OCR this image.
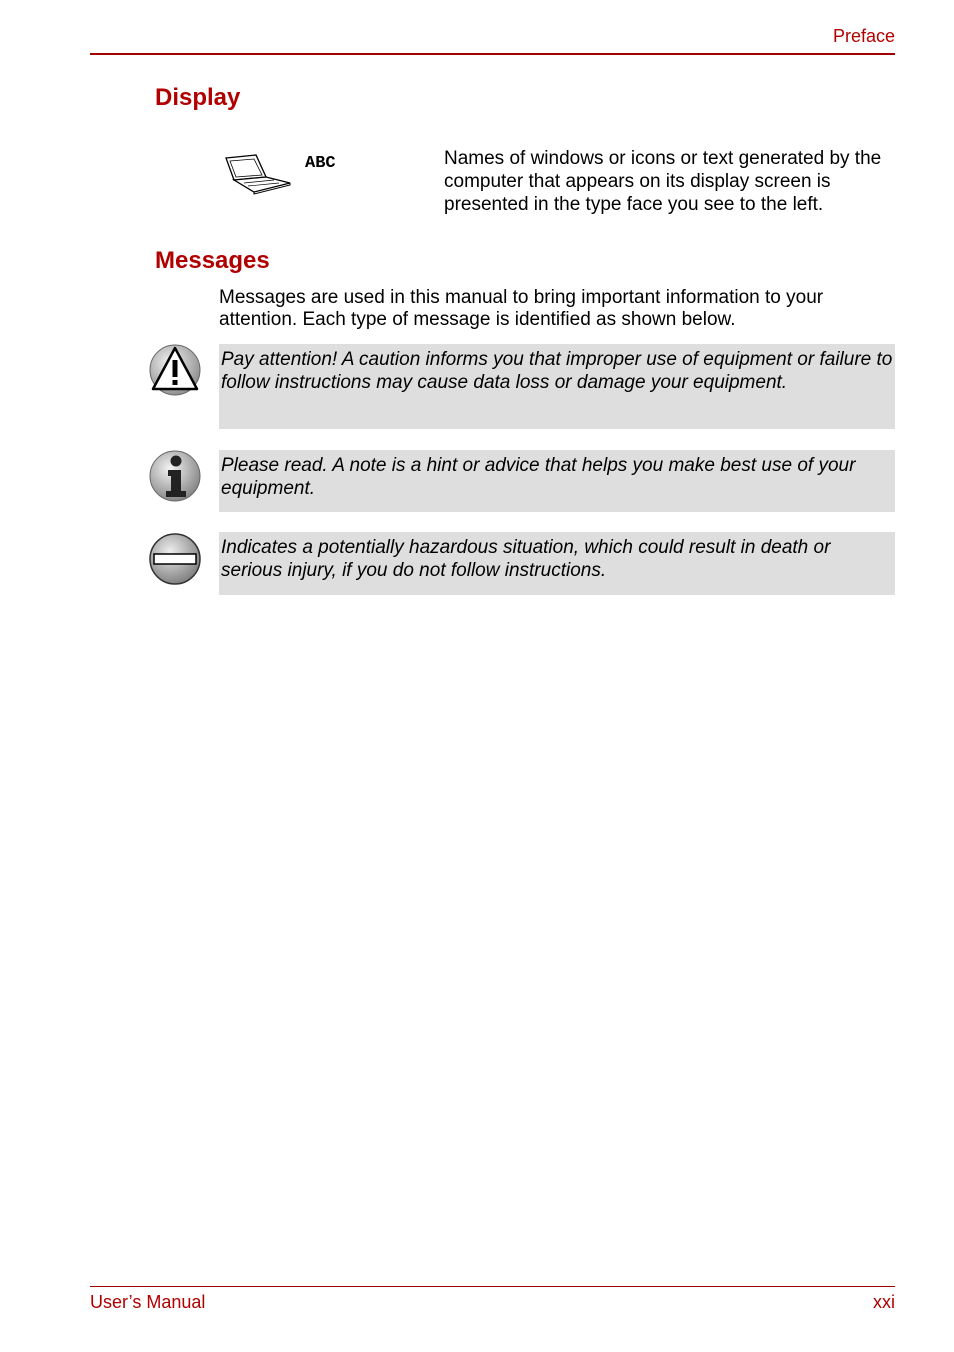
Preface
Display
ABC	Names of windows or icons or text generated by the computer that appears on its display screen is presented in the type face you see to the left.
Messages
Messages are used in this manual to bring important information to your attention. Each type of message is identified as shown below.

Pay attention! A caution informs you that improper use of equipment or failure to follow instructions may cause data loss or damage your equipment.

Please read. A note is a hint or advice that helps you make best use of your equipment.

Indicates a potentially hazardous situation, which could result in death or serious injury, if you do not follow instructions.

User’s Manual	xxi
